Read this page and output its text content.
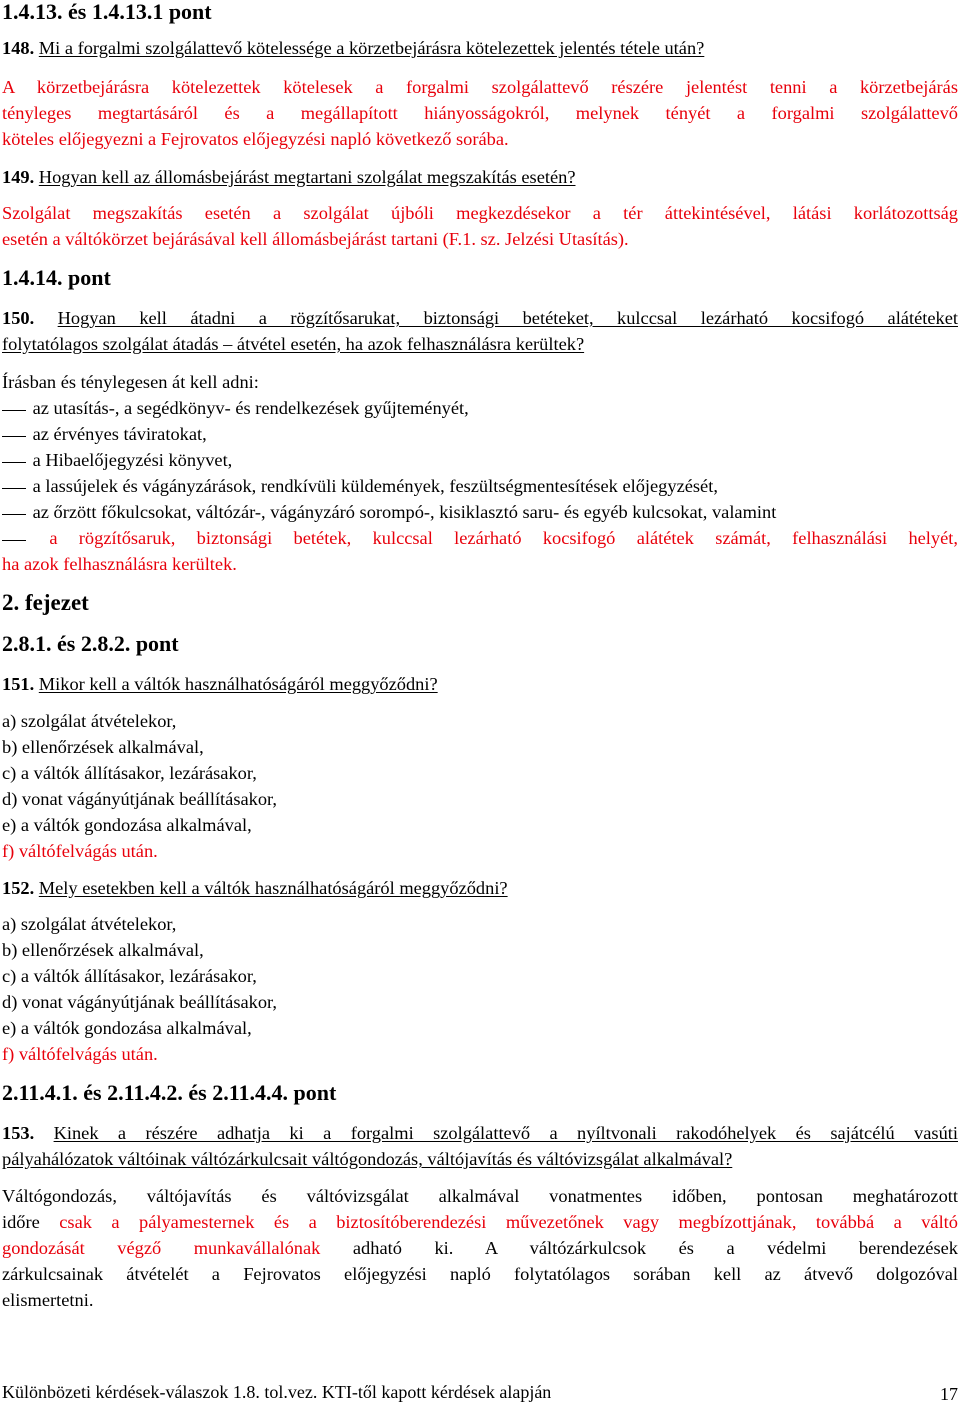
1.4.13. és 1.4.13.1 pont
148. Mi a forgalmi szolgálattevő kötelessége a körzetbejárásra kötelezettek jelentés tétele után?
A körzetbejárásra kötelezettek kötelesek a forgalmi szolgálattevő részére jelentést tenni a körzetbejárás
tényleges megtartásáról és a megállapított hiányosságokról, melynek tényét a forgalmi szolgálattevő
köteles előjegyezni a Fejrovatos előjegyzési napló következő sorába.
149. Hogyan kell az állomásbejárást megtartani szolgálat megszakítás esetén?
Szolgálat megszakítás esetén a szolgálat újbóli megkezdésekor a tér áttekintésével, látási korlátozottság
esetén a váltókörzet bejárásával kell állomásbejárást tartani (F.1. sz. Jelzési Utasítás).
1.4.14. pont
150. Hogyan kell átadni a rögzítősarukat, biztonsági betéteket, kulccsal lezárható kocsifogó alátéteket
folytatólagos szolgálat átadás – átvétel esetén, ha azok felhasználásra kerültek?
Írásban és ténylegesen át kell adni:
az utasítás-, a segédkönyv- és rendelkezések gyűjteményét,
az érvényes táviratokat,
a Hibaelőjegyzési könyvet,
a lassújelek és vágányzárások, rendkívüli küldemények, feszültségmentesítések előjegyzését,
az őrzött főkulcsokat, váltózár-, vágányzáró sorompó-, kisiklasztó saru- és egyéb kulcsokat, valamint
a rögzítősaruk, biztonsági betétek, kulccsal lezárható kocsifogó alátétek számát, felhasználási helyét,
ha azok felhasználásra kerültek.
2. fejezet
2.8.1. és 2.8.2. pont
151. Mikor kell a váltók használhatóságáról meggyőződni?
a) szolgálat átvételekor,
b) ellenőrzések alkalmával,
c) a váltók állításakor, lezárásakor,
d) vonat vágányútjának beállításakor,
e) a váltók gondozása alkalmával,
f) váltófelvágás után.
152. Mely esetekben kell a váltók használhatóságáról meggyőződni?
a) szolgálat átvételekor,
b) ellenőrzések alkalmával,
c) a váltók állításakor, lezárásakor,
d) vonat vágányútjának beállításakor,
e) a váltók gondozása alkalmával,
f) váltófelvágás után.
2.11.4.1. és 2.11.4.2. és 2.11.4.4. pont
153. Kinek a részére adhatja ki a forgalmi szolgálattevő a nyíltvonali rakodóhelyek és sajátcélú vasúti
pályahálózatok váltóinak váltózárkulcsait váltógondozás, váltójavítás és váltóvizsgálat alkalmával?
Váltógondozás, váltójavítás és váltóvizsgálat alkalmával vonatmentes időben, pontosan meghatározott
időre csak a pályamesternek és a biztosítóberendezési művezetőnek vagy megbízottjának, továbbá a váltó
gondozását végző munkavállalónak adható ki. A váltózárkulcsok és a védelmi berendezések
zárkulcsainak átvételét a Fejrovatos előjegyzési napló folytatólagos sorában kell az átvevő dolgozóval
elismertetni.
Különbözeti kérdések-válaszok 1.8. tol.vez. KTI-től kapott kérdések alapján	17
